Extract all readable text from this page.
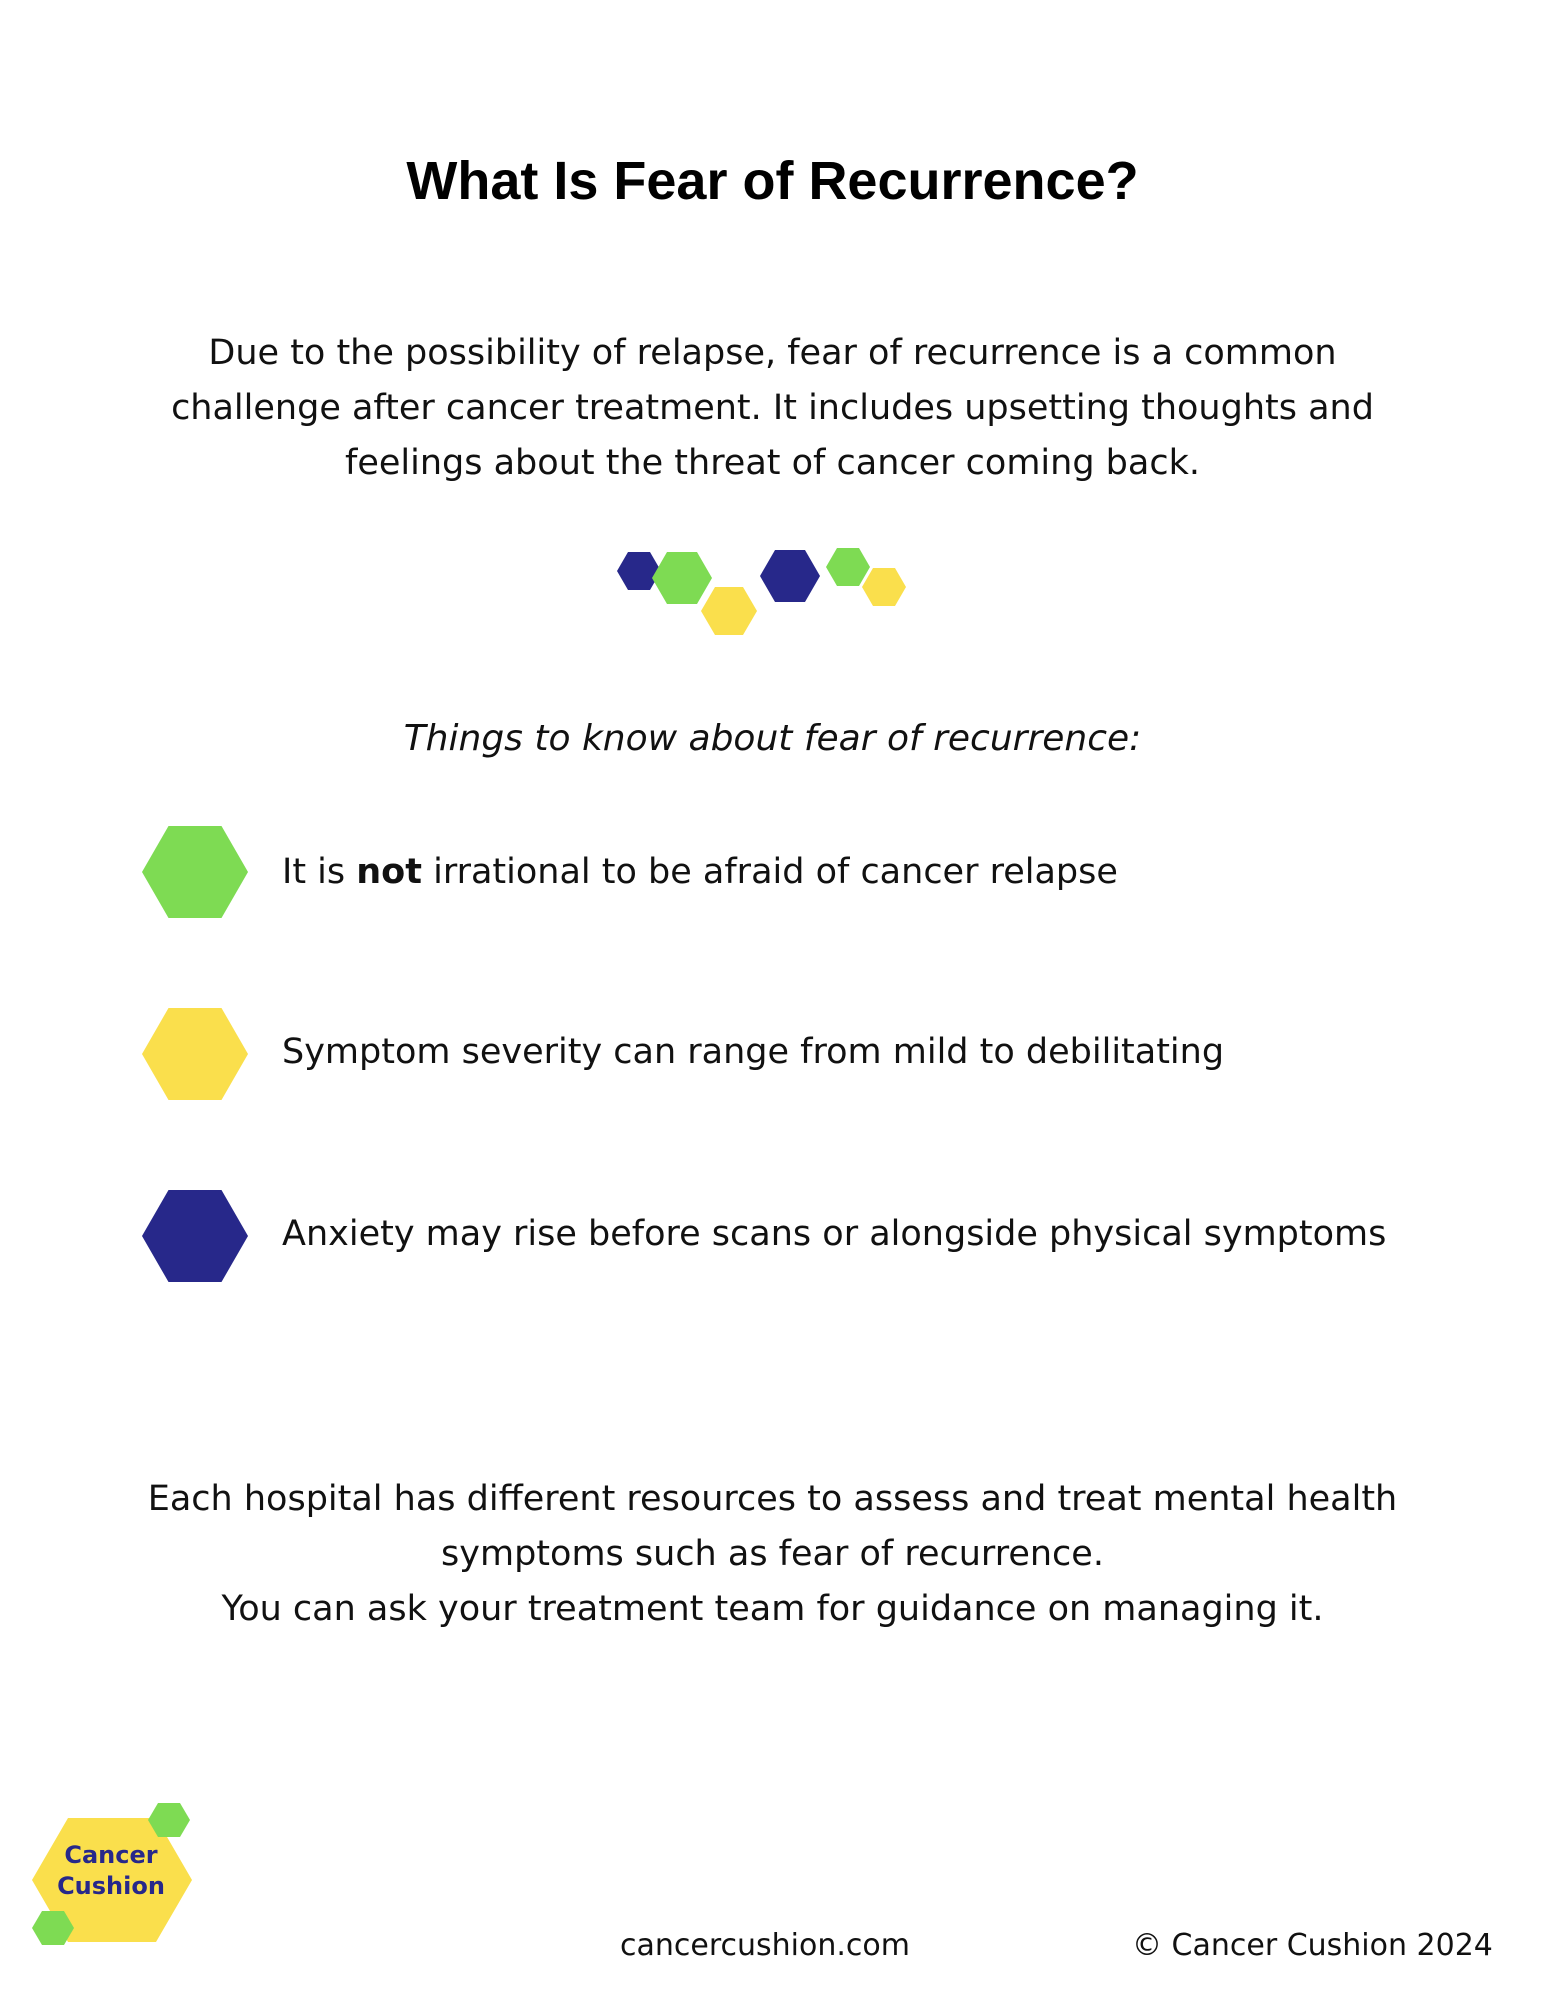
What Is Fear of Recurrence?
Due to the possibility of relapse, fear of recurrence is a common
challenge after cancer treatment. It includes upsetting thoughts and
feelings about the threat of cancer coming back.
Things to know about fear of recurrence:
It is not irrational to be afraid of cancer relapse
Symptom severity can range from mild to debilitating
Anxiety may rise before scans or alongside physical symptoms
Each hospital has different resources to assess and treat mental health
symptoms such as fear of recurrence.
You can ask your treatment team for guidance on managing it.
Cancer
Cushion
cancercushion.com	© Cancer Cushion 2024
